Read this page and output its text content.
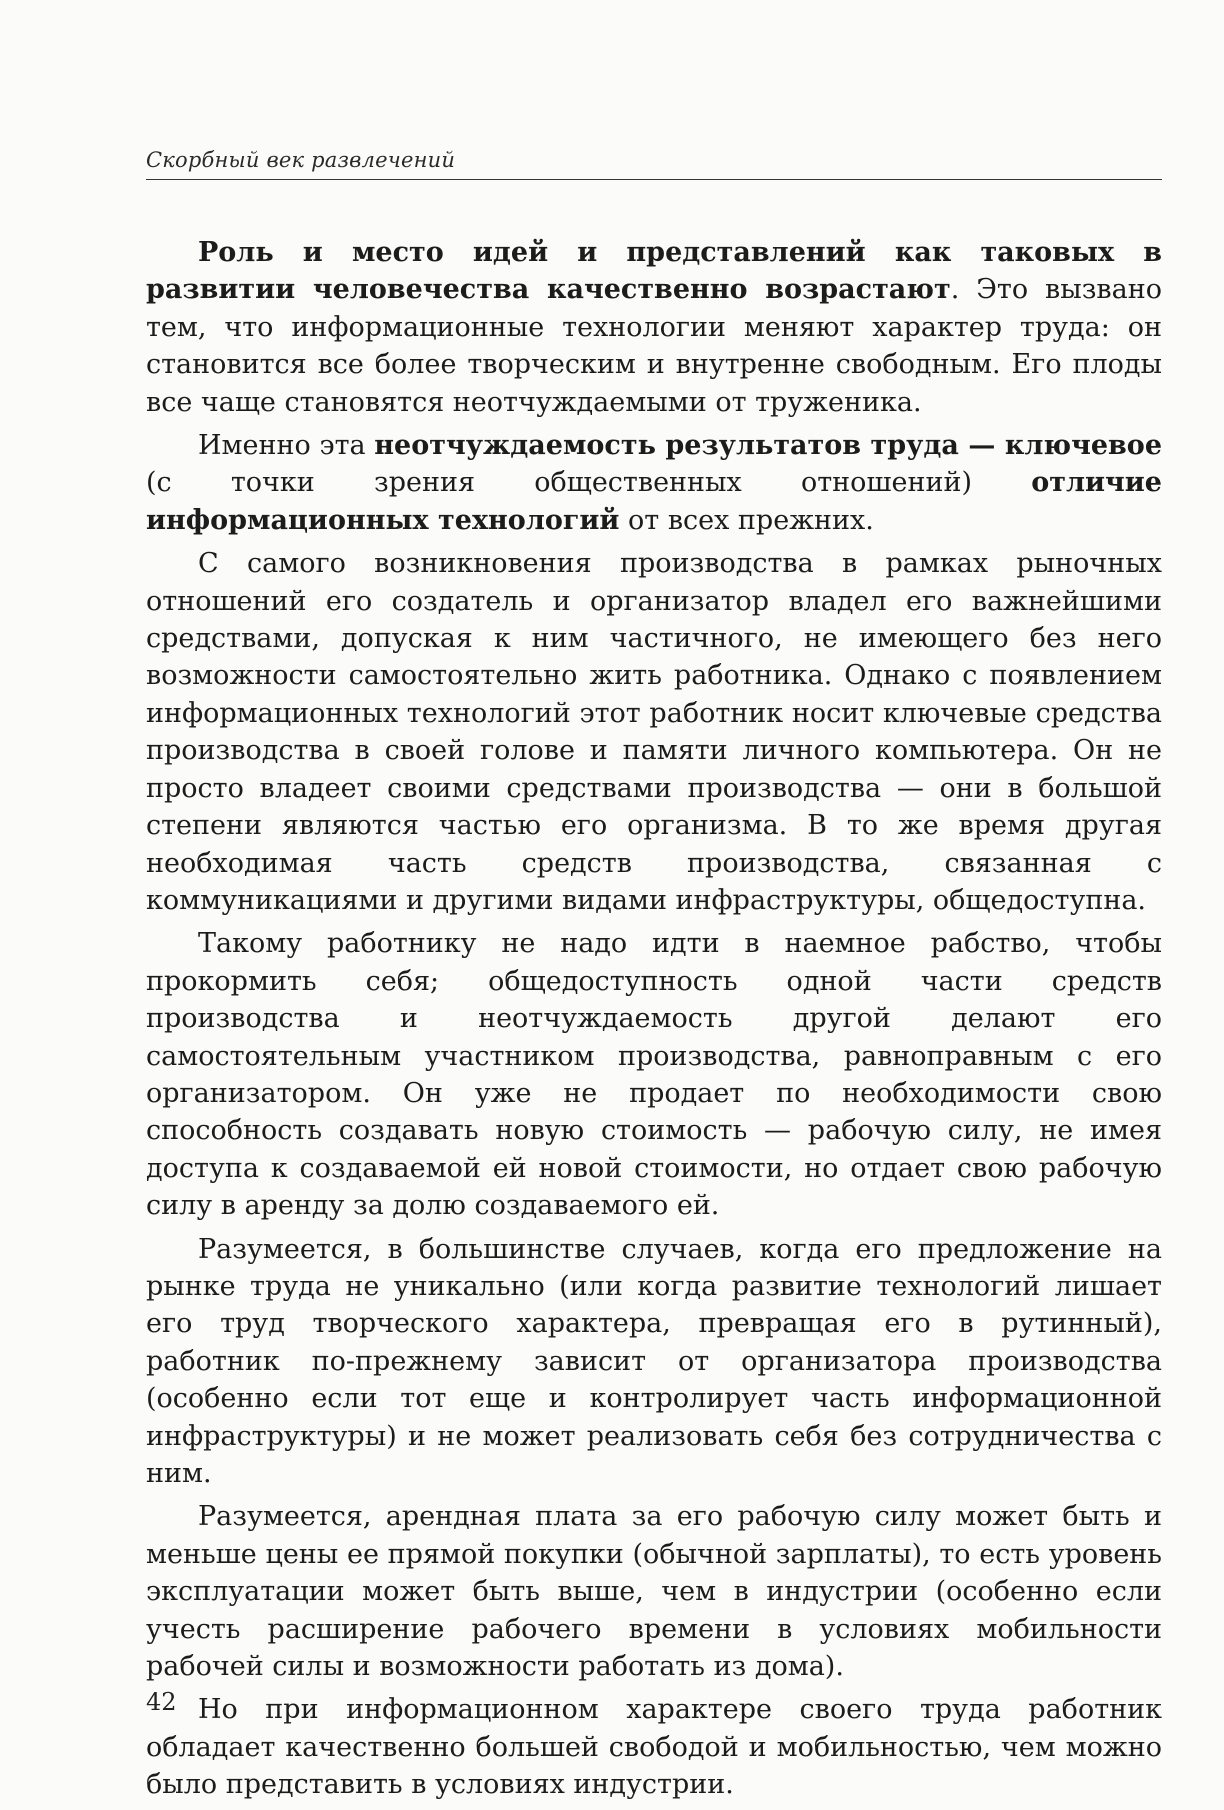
Скорбный век развлечений

Роль и место идей и представлений как таковых в развитии человечества качественно возрастают. Это вызвано тем, что информационные технологии меняют характер труда: он становится все более творческим и внутренне свободным. Его плоды все чаще становятся неотчуждаемыми от труженика.

Именно эта неотчуждаемость результатов труда — ключевое (с точки зрения общественных отношений) отличие информационных технологий от всех прежних.

С самого возникновения производства в рамках рыночных отношений его создатель и организатор владел его важнейшими средствами, допуская к ним частичного, не имеющего без него возможности самостоятельно жить работника. Однако с появлением информационных технологий этот работник носит ключевые средства производства в своей голове и памяти личного компьютера. Он не просто владеет своими средствами производства — они в большой степени являются частью его организма. В то же время другая необходимая часть средств производства, связанная с коммуникациями и другими видами инфраструктуры, общедоступна.

Такому работнику не надо идти в наемное рабство, чтобы прокормить себя; общедоступность одной части средств производства и неотчуждаемость другой делают его самостоятельным участником производства, равноправным с его организатором. Он уже не продает по необходимости свою способность создавать новую стоимость — рабочую силу, не имея доступа к создаваемой ей новой стоимости, но отдает свою рабочую силу в аренду за долю создаваемого ей.

Разумеется, в большинстве случаев, когда его предложение на рынке труда не уникально (или когда развитие технологий лишает его труд творческого характера, превращая его в рутинный), работник по-прежнему зависит от организатора производства (особенно если тот еще и контролирует часть информационной инфраструктуры) и не может реализовать себя без сотрудничества с ним.

Разумеется, арендная плата за его рабочую силу может быть и меньше цены ее прямой покупки (обычной зарплаты), то есть уровень эксплуатации может быть выше, чем в индустрии (особенно если учесть расширение рабочего времени в условиях мобильности рабочей силы и возможности работать из дома).

Но при информационном характере своего труда работник обладает качественно большей свободой и мобильностью, чем можно было представить в условиях индустрии.

42
